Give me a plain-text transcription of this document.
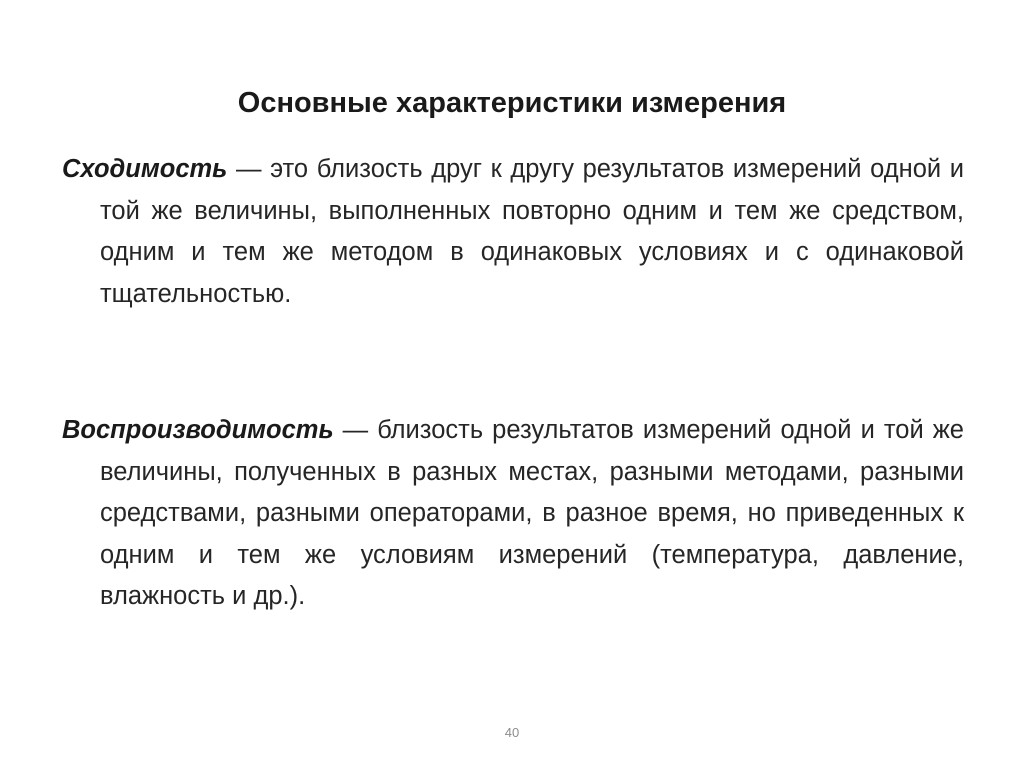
Основные характеристики измерения

Сходимость — это близость друг к другу результатов измерений одной и той же величины, выполненных повторно одним и тем же средством, одним и тем же методом в одинаковых условиях и с одинаковой тщательностью.

Воспроизводимость — близость результатов измерений одной и той же величины, полученных в разных местах, разными методами, разными средствами, разными операторами, в разное время, но приведенных к одним и тем же условиям измерений (температура, давление, влажность и др.).

40
